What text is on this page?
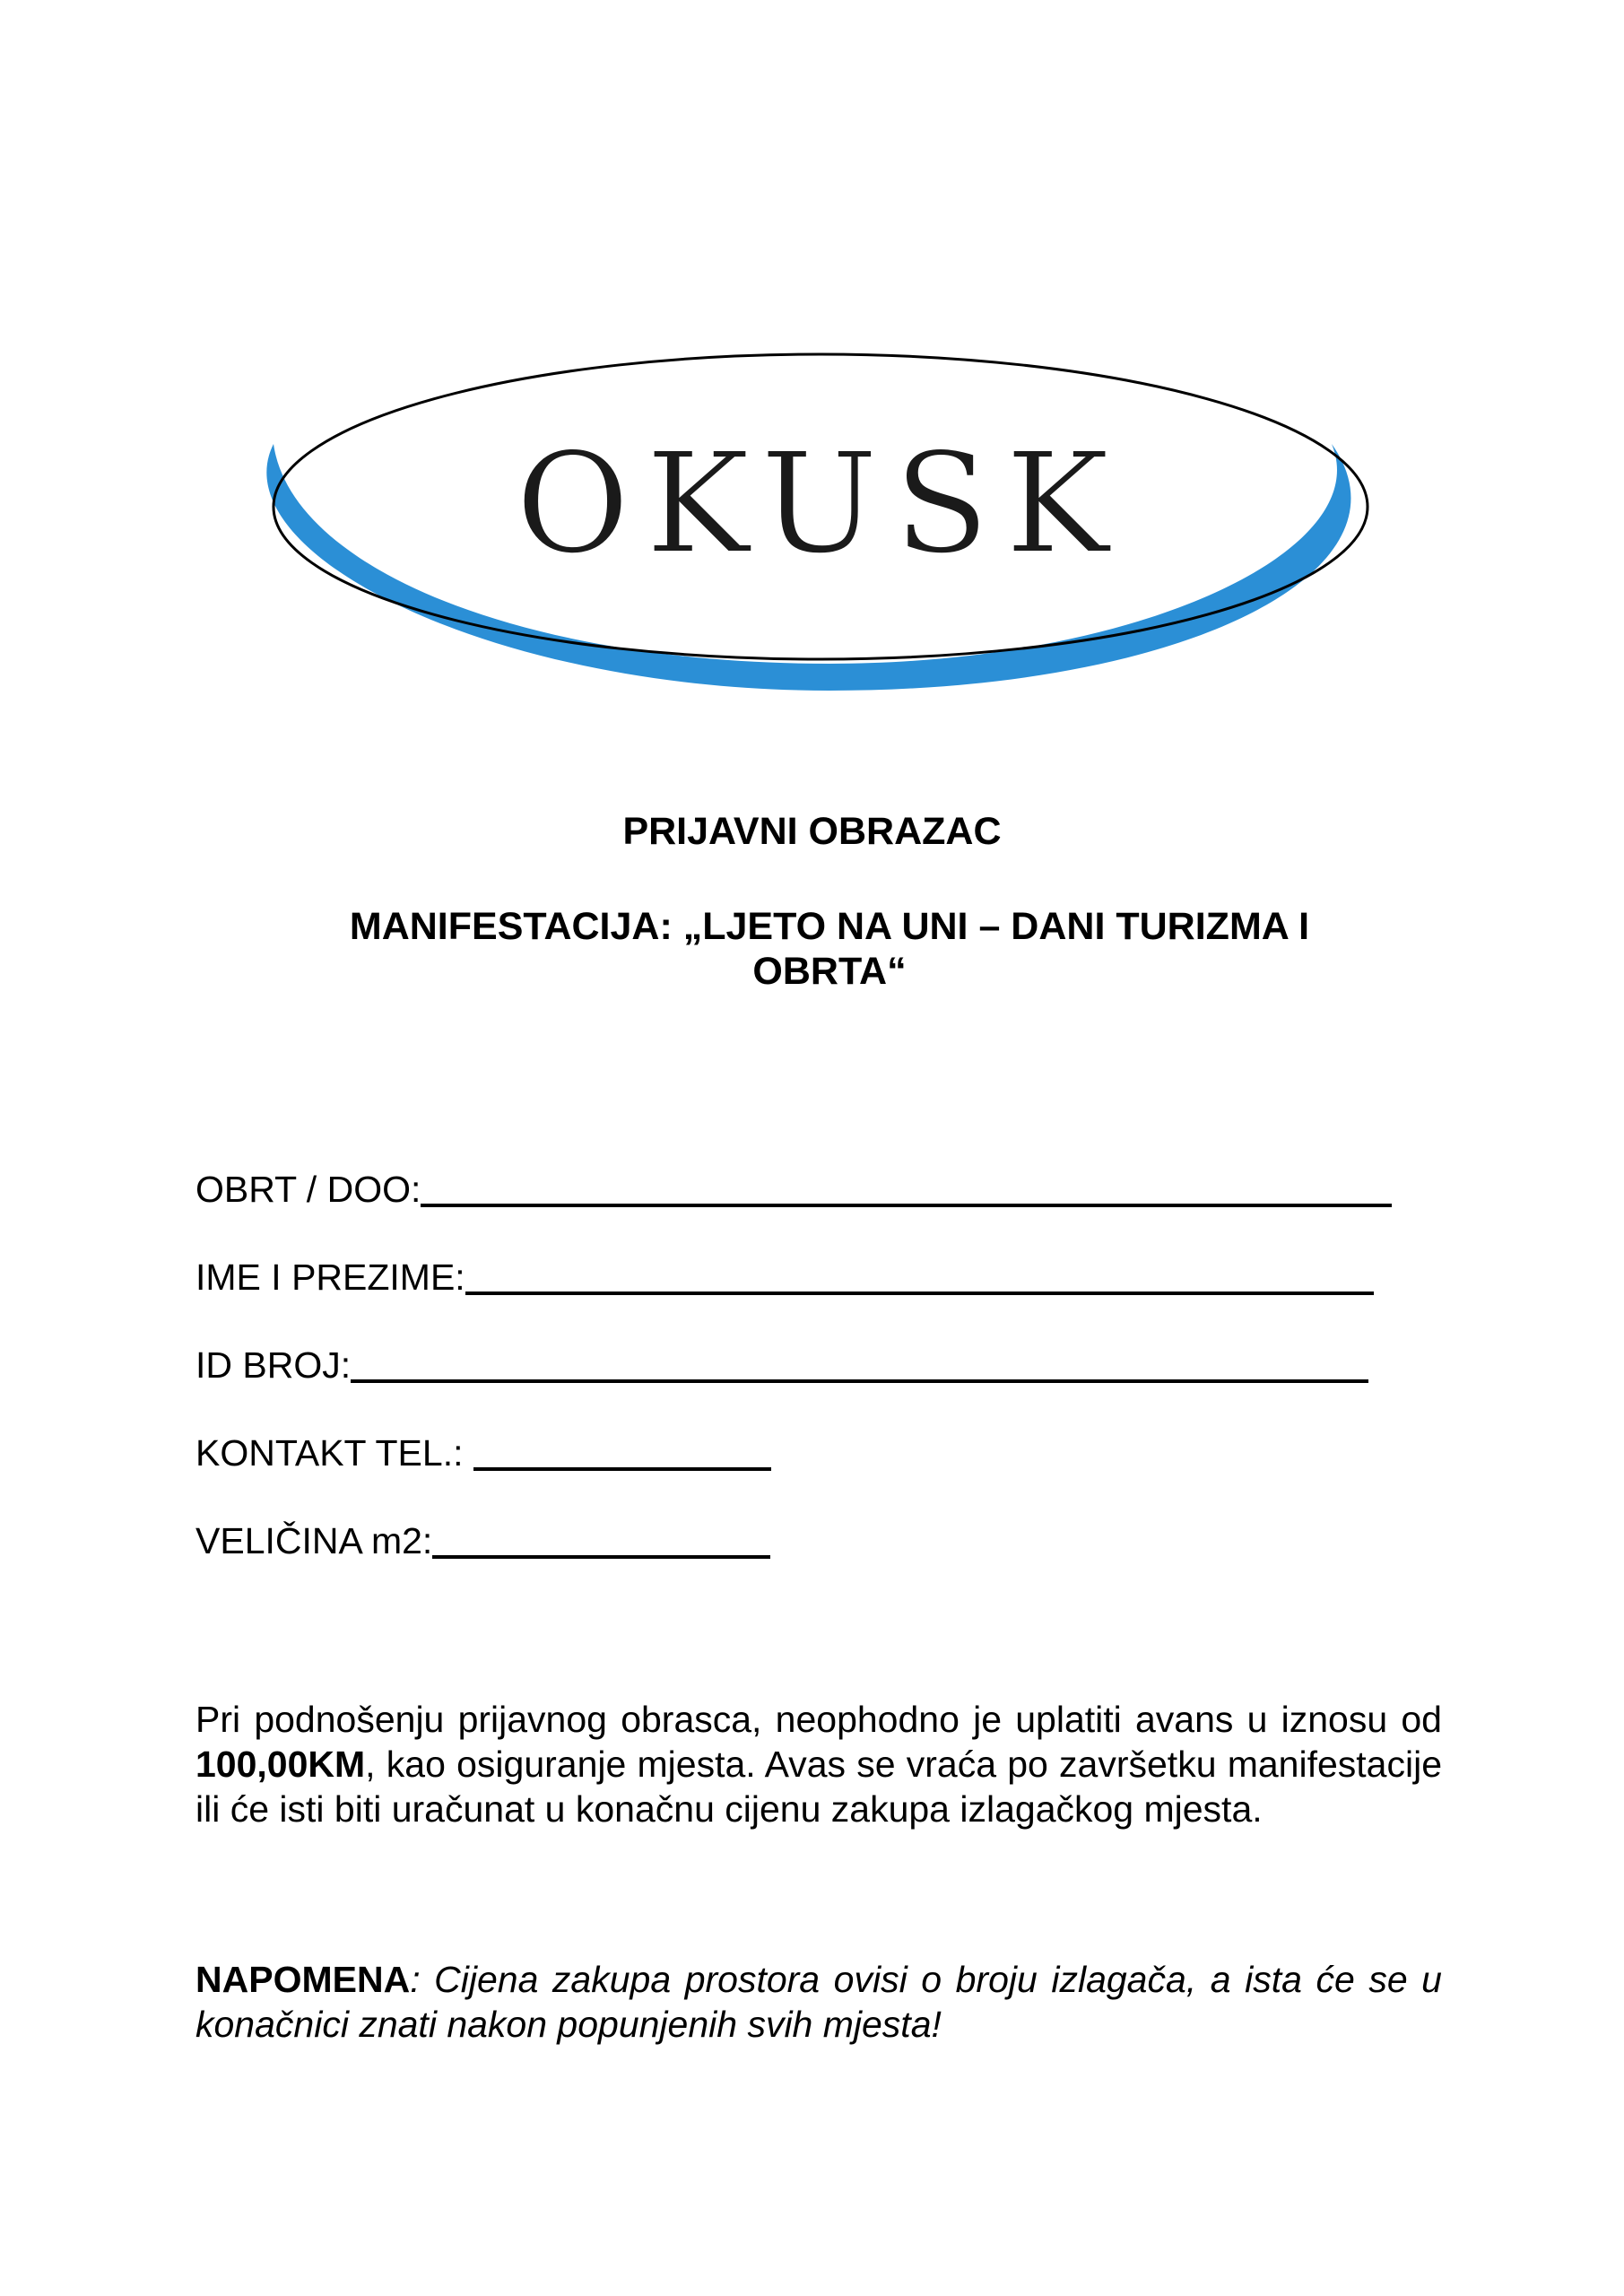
OKUSK
PRIJAVNI OBRAZAC
MANIFESTACIJA: „LJETO NA UNI – DANI TURIZMA I
OBRTA“
OBRT / DOO:
IME I PREZIME:
ID BROJ:
KONTAKT TEL.:
VELIČINA m2:
Pri podnošenju prijavnog obrasca, neophodno je uplatiti avans u iznosu od 100,00KM, kao osiguranje mjesta. Avas se vraća po završetku manifestacije ili će isti biti uračunat u konačnu cijenu zakupa izlagačkog mjesta.
NAPOMENA: Cijena zakupa prostora ovisi o broju izlagača, a ista će se u konačnici znati nakon popunjenih svih mjesta!
